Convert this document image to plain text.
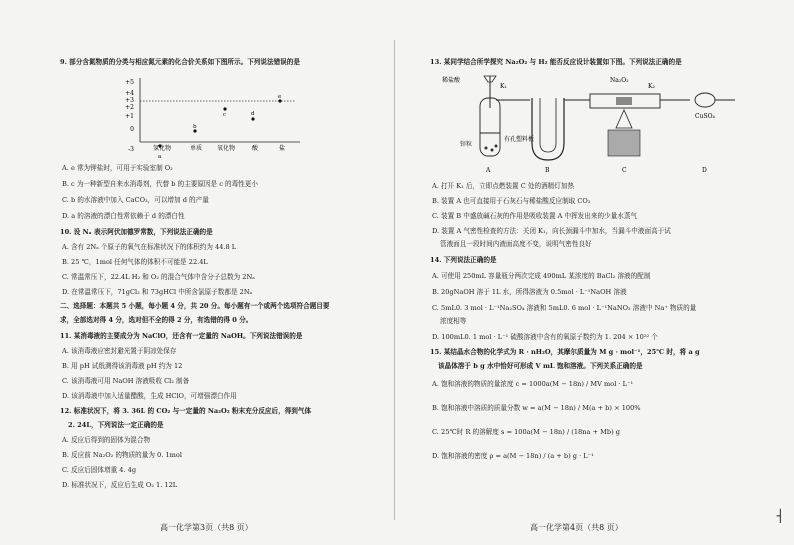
9. 部分含氮物质的分类与相应氮元素的化合价关系如下图所示。下列说法错误的是
+5
+4
+3
+2
+1
0
-3
a
b
c	d
e
氢化物	单质 氧化物	酸	盐
A. e 常为钾盐时，可用于实验室制 O₂
B. c 为一种新型自来水消毒剂，代替 b 的主要原因是 c 的毒性更小
C. b 的水溶液中加入 CaCO₃，可以增加 d 的产量
D. a 的溶液的漂白性常依赖于 d 的漂白性
10. 设 Nₐ 表示阿伏加德罗常数，下列说法正确的是
A. 含有 2Nₐ 个原子的氧气在标准状况下的体积约为 44.8 L
B. 25 ℃，1mol 任何气体的体积不可能是 22.4L
C. 常温常压下，22.4L H₂ 和 O₂ 的混合气体中含分子总数为 2Nₐ
D. 在常温常压下，71gCl₂ 和 73gHCl 中所含氯原子数都是 2Nₐ
二、选择题：本题共 5 小题，每小题 4 分，共 20 分。每小题有一个或两个选项符合题目要
求，全部选对得 4 分，选对但不全的得 2 分，有选错的得 0 分。
11. 某消毒液的主要成分为 NaClO，还含有一定量的 NaOH。下列说法错误的是
A. 该消毒液应密封避光置于阴凉处保存
B. 用 pH 试纸测得该消毒液 pH 约为 12
C. 该消毒液可用 NaOH 溶液吸收 Cl₂ 制备
D. 该消毒液中加入适量醋酸，生成 HClO，可增强漂白作用
12. 标准状况下，将 3. 36L 的 CO₂ 与一定量的 Na₂O₂ 粉末充分反应后，得到气体
2. 24L，下列说法一定正确的是
A. 反应后得到的固体为混合物
B. 反应前 Na₂O₂ 的物质的量为 0. 1mol
C. 反应后固体增重 4. 4g
D. 标准状况下，反应后生成 O₂ 1. 12L
高一化学第3页（共8 页）
13. 某同学结合所学探究 Na₂O₂ 与 H₂ 能否反应设计装置如下图。下列说法正确的是
稀盐酸
锌粒
有孔塑料板
K₁
Na₂O₂
K₂
CuSO₄
A	B	C	D
A. 打开 K₁ 后，立即点燃装置 C 处的酒精灯加热
B. 装置 A 也可直接用于石灰石与稀盐酸反应制取 CO₂
C. 装置 B 中盛放碱石灰的作用是吸收装置 A 中挥发出来的少量水蒸气
D. 装置 A 气密性检查的方法：关闭 K₁，向长颈漏斗中加水，当漏斗中液面高于试
管液面且一段时间内液面高度不变，说明气密性良好
14. 下列说法正确的是
A. 可使用 250mL 容量瓶分两次完成 490mL 某浓度的 BaCl₂ 溶液的配制
B. 20gNaOH 溶于 1L 水，所得溶液为 0.5mol · L⁻¹NaOH 溶液
C. 5mL0. 3 mol · L⁻¹Na₂SO₄ 溶液和 5mL0. 6 mol · L⁻¹NaNO₃ 溶液中 Na⁺ 物质的量
浓度相等
D. 100mL0. 1 mol · L⁻¹ 硫酸溶液中含有的氧原子数约为 1. 204 × 10²² 个
15. 某结晶水合物的化学式为 R · nH₂O，其摩尔质量为 M g · mol⁻¹，25℃ 时，将 a g
该晶体溶于 b g 水中恰好可形成 V mL 饱和溶液。下列关系正确的是
A. 饱和溶液的物质的量浓度 c = 1000a(M − 18n) / MV mol · L⁻¹
B. 饱和溶液中溶质的质量分数 w = a(M − 18n) / M(a + b) × 100%
C. 25℃时 R 的溶解度 s = 100a(M − 18n) / (18na + Mb) g
D. 饱和溶液的密度 ρ = a(M − 18n) / (a + b) g · L⁻¹
高一化学第4页（共8 页）
┤
